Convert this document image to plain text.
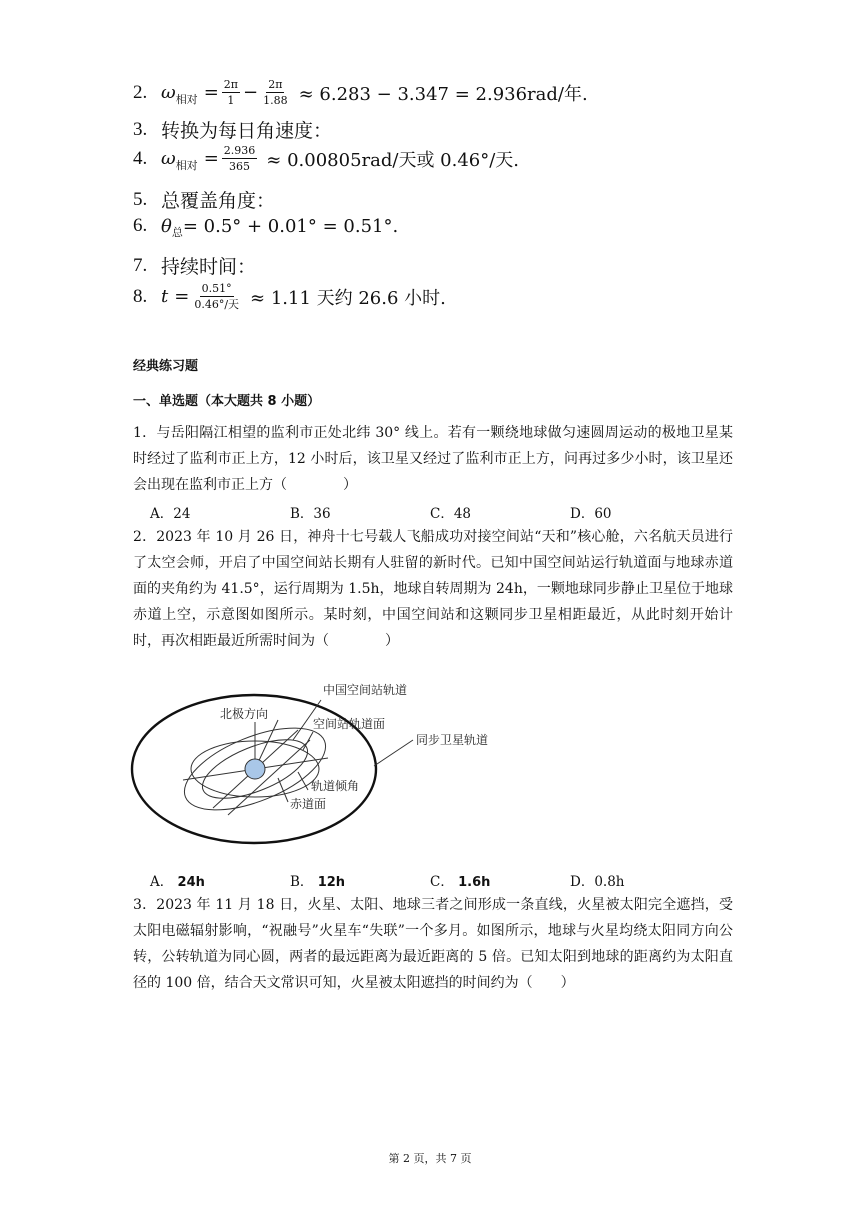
2. ω 相对 = $\frac{2\pi}{1} - \frac{2\pi}{1.88} \approx 6.283 - 3.347 = 2.936rad/$年.
3. 转换为每日角速度：
4. ω 相对 = $\frac{2.936}{365} \approx 0.00805rad/$天或 0.46°/天.
5. 总覆盖角度：
6. θ 总 = 0.5° + 0.01° = 0.51°.
7. 持续时间：
8. $t = \frac{0.51^\circ}{\text{0.46°/天}} \approx 1.11$ 天约 26.6 小时.
经典练习题
一、单选题（本大题共 8 小题）
1．与岳阳隔江相望的监利市正处北纬 30° 线上。若有一颗绕地球做匀速圆周运动的极地卫星某时经过了监利市正上方，12 小时后，该卫星又经过了监利市正上方，问再过多少小时，该卫星还会出现在监利市正上方（　　　　）
A．24	B．36	C．48	D．60
2．2023 年 10 月 26 日，神舟十七号载人飞船成功对接空间站“天和”核心舱，六名航天员进行了太空会师，开启了中国空间站长期有人驻留的新时代。已知中国空间站运行轨道面与地球赤道面的夹角约为 41.5°，运行周期为 1.5h，地球自转周期为 24h，一颗地球同步静止卫星位于地球赤道上空，示意图如图所示。某时刻，中国空间站和这颗同步卫星相距最近，从此时刻开始计时，再次相距最近所需时间为（　　　　）
中国空间站轨道
北极方向
空间站轨道面
同步卫星轨道
轨道倾角
赤道面
A． 24h	B． 12h	C． 1.6h	D．0.8h
3．2023 年 11 月 18 日，火星、太阳、地球三者之间形成一条直线，火星被太阳完全遮挡，受太阳电磁辐射影响，“祝融号”火星车“失联”一个多月。如图所示，地球与火星均绕太阳同方向公转，公转轨道为同心圆，两者的最远距离为最近距离的 5 倍。已知太阳到地球的距离约为太阳直径的 100 倍，结合天文常识可知，火星被太阳遮挡的时间约为（　　）
第 2 页，共 7 页
